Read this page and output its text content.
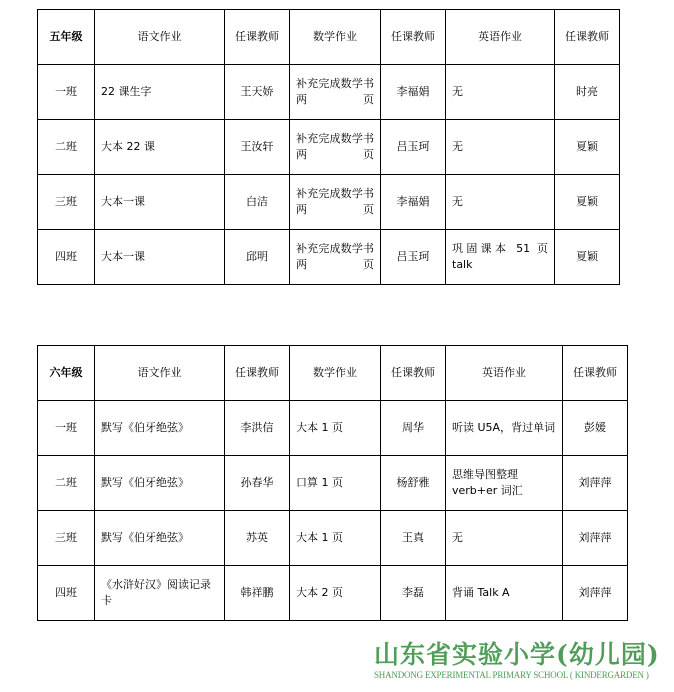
五年级	语文作业	任课教师	数学作业	任课教师	英语作业	任课教师
一班	22 课生字	王天娇	补充完成数学书两页	李福娟	无	时亮
二班	大本 22 课	王汝轩	补充完成数学书两页	吕玉珂	无	夏颖
三班	大本一课	白洁	补充完成数学书两页	李福娟	无	夏颖
四班	大本一课	邱明	补充完成数学书两页	吕玉珂	巩固课本 51 页 talk	夏颖
六年级	语文作业	任课教师	数学作业	任课教师	英语作业	任课教师
一班	默写《伯牙绝弦》	李洪信	大本 1 页	周华	听读 U5A，背过单词	彭媛
二班	默写《伯牙绝弦》	孙春华	口算 1 页	杨舒雅	思维导图整理 verb+er 词汇	刘萍萍
三班	默写《伯牙绝弦》	苏英	大本 1 页	王真	无	刘萍萍
四班	《水浒好汉》阅读记录卡	韩祥鹏	大本 2 页	李磊	背诵 Talk A	刘萍萍
山东省实验小学(幼儿园)
SHANDONG EXPERIMENTAL PRIMARY SCHOOL ( KINDERGARDEN )
